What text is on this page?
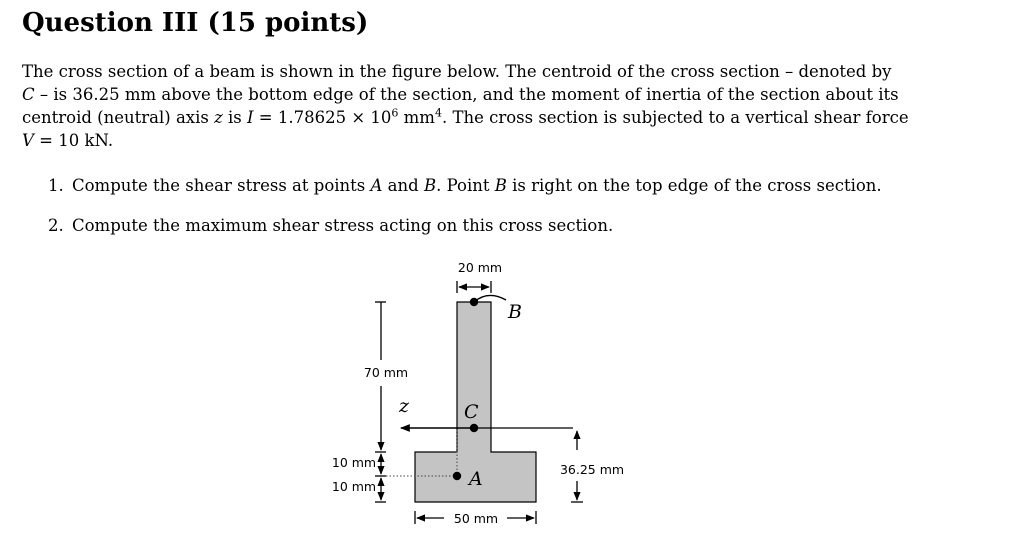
Question III (15 points)
The cross section of a beam is shown in the figure below. The centroid of the cross section – denoted by
C – is 36.25 mm above the bottom edge of the section, and the moment of inertia of the section about its
centroid (neutral) axis z is $I = 1.78625 \times 10^6$ $mm^4$. The cross section is subjected to a vertical shear force
V = 10 kN.
1. Compute the shear stress at points A and B. Point B is right on the top edge of the cross section.
2. Compute the maximum shear stress acting on this cross section.
20 mm
B
C
z
A
70 mm
10 mm
10 mm
50 mm
36.25 mm
